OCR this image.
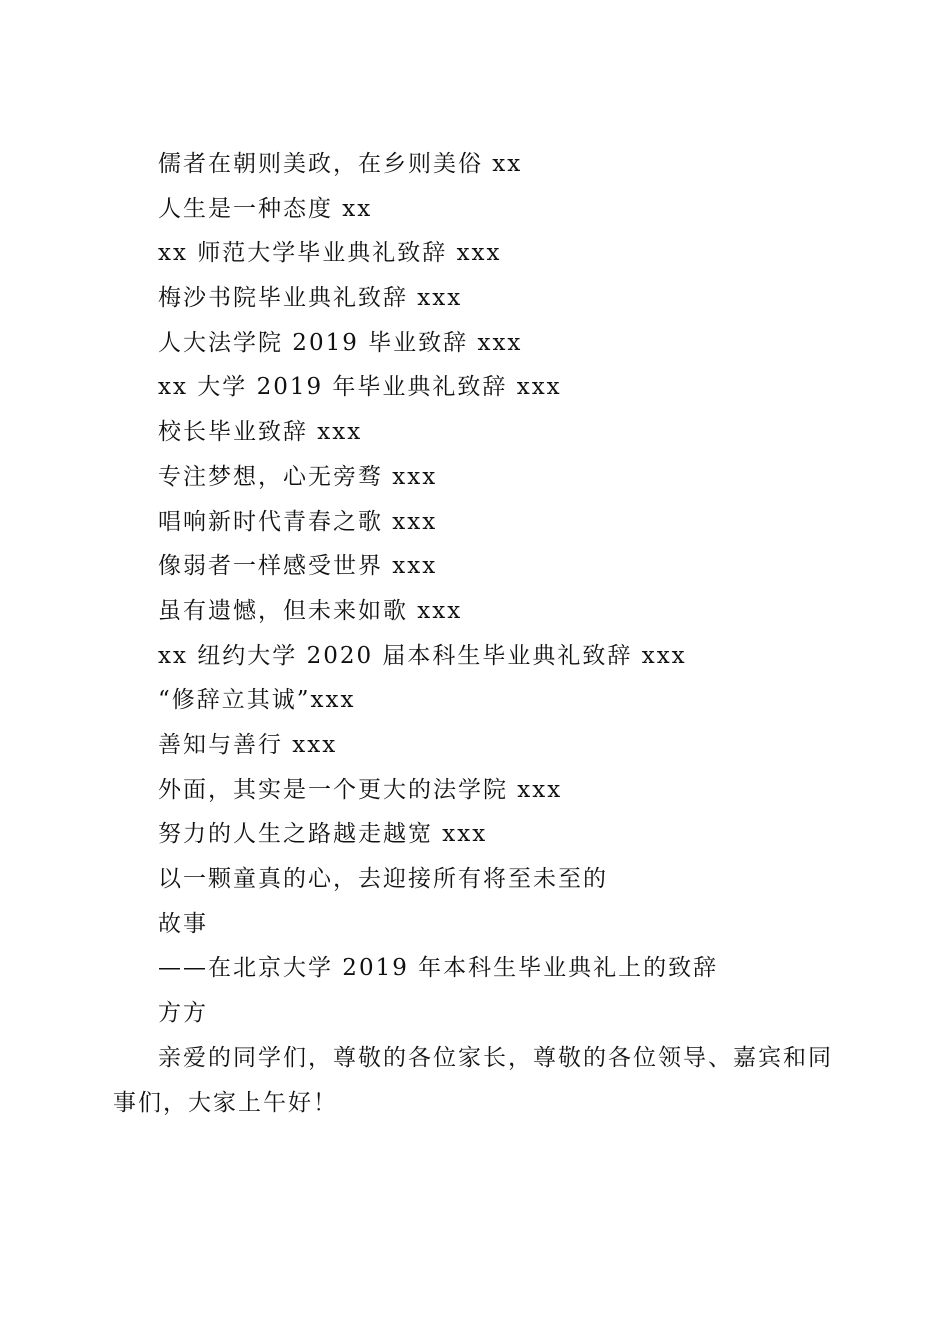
儒者在朝则美政，在乡则美俗 xx
人生是一种态度 xx
xx 师范大学毕业典礼致辞 xxx
梅沙书院毕业典礼致辞 xxx
人大法学院 2019 毕业致辞 xxx
xx 大学 2019 年毕业典礼致辞 xxx
校长毕业致辞 xxx
专注梦想，心无旁骛 xxx
唱响新时代青春之歌 xxx
像弱者一样感受世界 xxx
虽有遗憾，但未来如歌 xxx
xx 纽约大学 2020 届本科生毕业典礼致辞 xxx
“修辞立其诚”xxx
善知与善行 xxx
外面，其实是一个更大的法学院 xxx
努力的人生之路越走越宽 xxx
以一颗童真的心，去迎接所有将至未至的
故事
——在北京大学 2019 年本科生毕业典礼上的致辞
方方
亲爱的同学们，尊敬的各位家长，尊敬的各位领导、嘉宾和同事们，大家上午好！
